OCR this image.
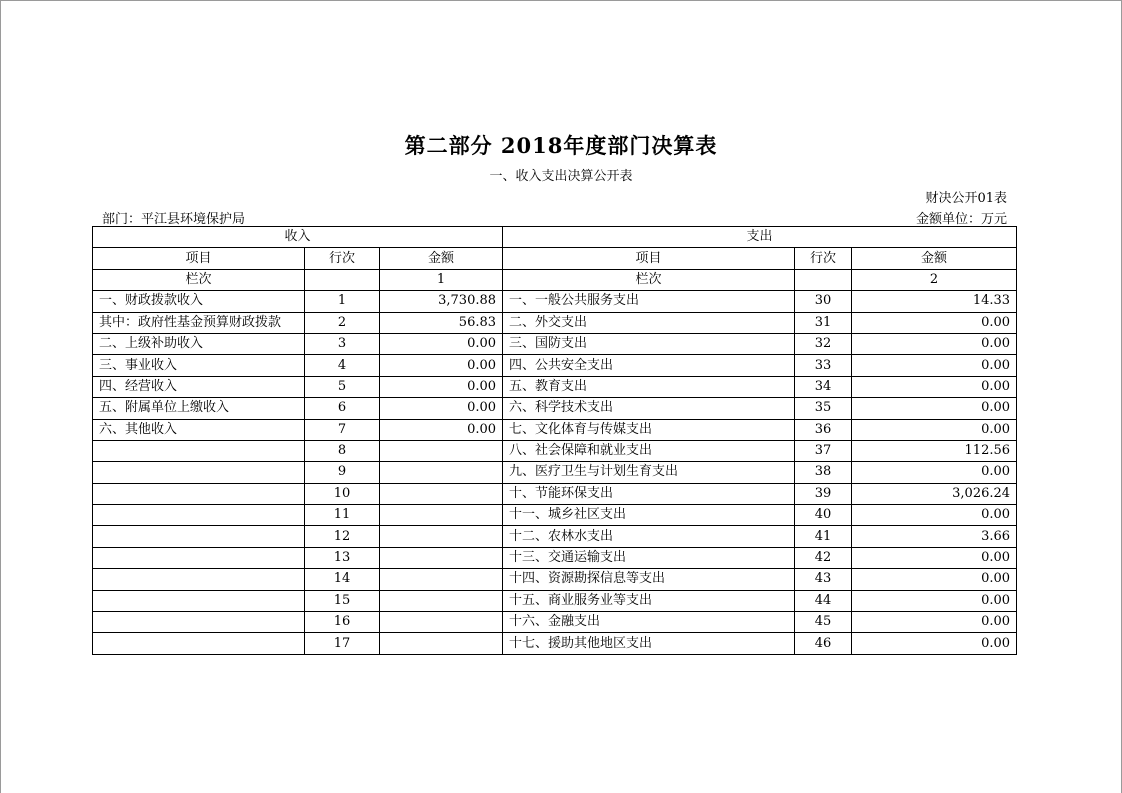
第二部分 2018年度部门决算表
一、收入支出决算公开表
财决公开01表
部门：平江县环境保护局	金额单位：万元
收入			支出		
项目	行次	金额	项目	行次	金额
栏次		1	栏次		2
一、财政拨款收入	1	3,730.88	一、一般公共服务支出	30	14.33
其中：政府性基金预算财政拨款	2	56.83	二、外交支出	31	0.00
二、上级补助收入	3	0.00	三、国防支出	32	0.00
三、事业收入	4	0.00	四、公共安全支出	33	0.00
四、经营收入	5	0.00	五、教育支出	34	0.00
五、附属单位上缴收入	6	0.00	六、科学技术支出	35	0.00
六、其他收入	7	0.00	七、文化体育与传媒支出	36	0.00
	8		八、社会保障和就业支出	37	112.56
	9		九、医疗卫生与计划生育支出	38	0.00
	10		十、节能环保支出	39	3,026.24
	11		十一、城乡社区支出	40	0.00
	12		十二、农林水支出	41	3.66
	13		十三、交通运输支出	42	0.00
	14		十四、资源勘探信息等支出	43	0.00
	15		十五、商业服务业等支出	44	0.00
	16		十六、金融支出	45	0.00
	17		十七、援助其他地区支出	46	0.00
